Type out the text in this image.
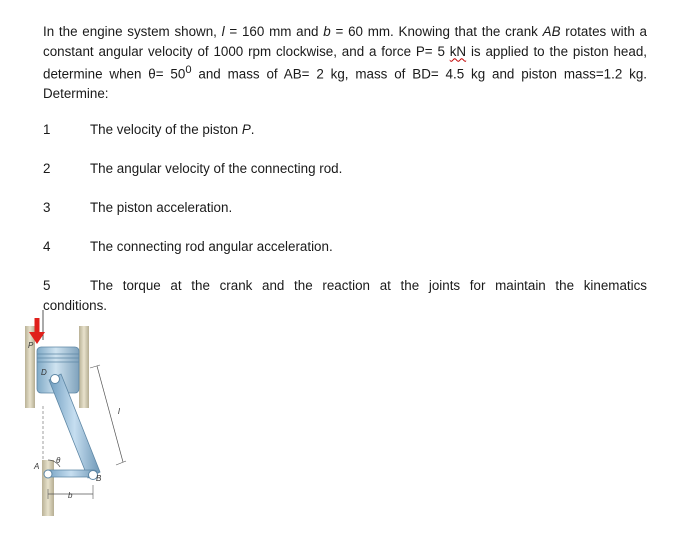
In the engine system shown, l = 160 mm and b = 60 mm. Knowing that the crank AB rotates with a constant angular velocity of 1000 rpm clockwise, and a force P= 5 kN is applied to the piston head, determine when $\theta= 50^0$ and mass of AB= 2 kg, mass of BD= 4.5 kg and piston mass=1.2 kg. Determine:
1	The velocity of the piston P.
2	The angular velocity of the connecting rod.
3	The piston acceleration.
4	The connecting rod angular acceleration.
5	The torque at the crank and the reaction at the joints for maintain the kinematics
conditions.
P
D
A
θ
B
l
b
